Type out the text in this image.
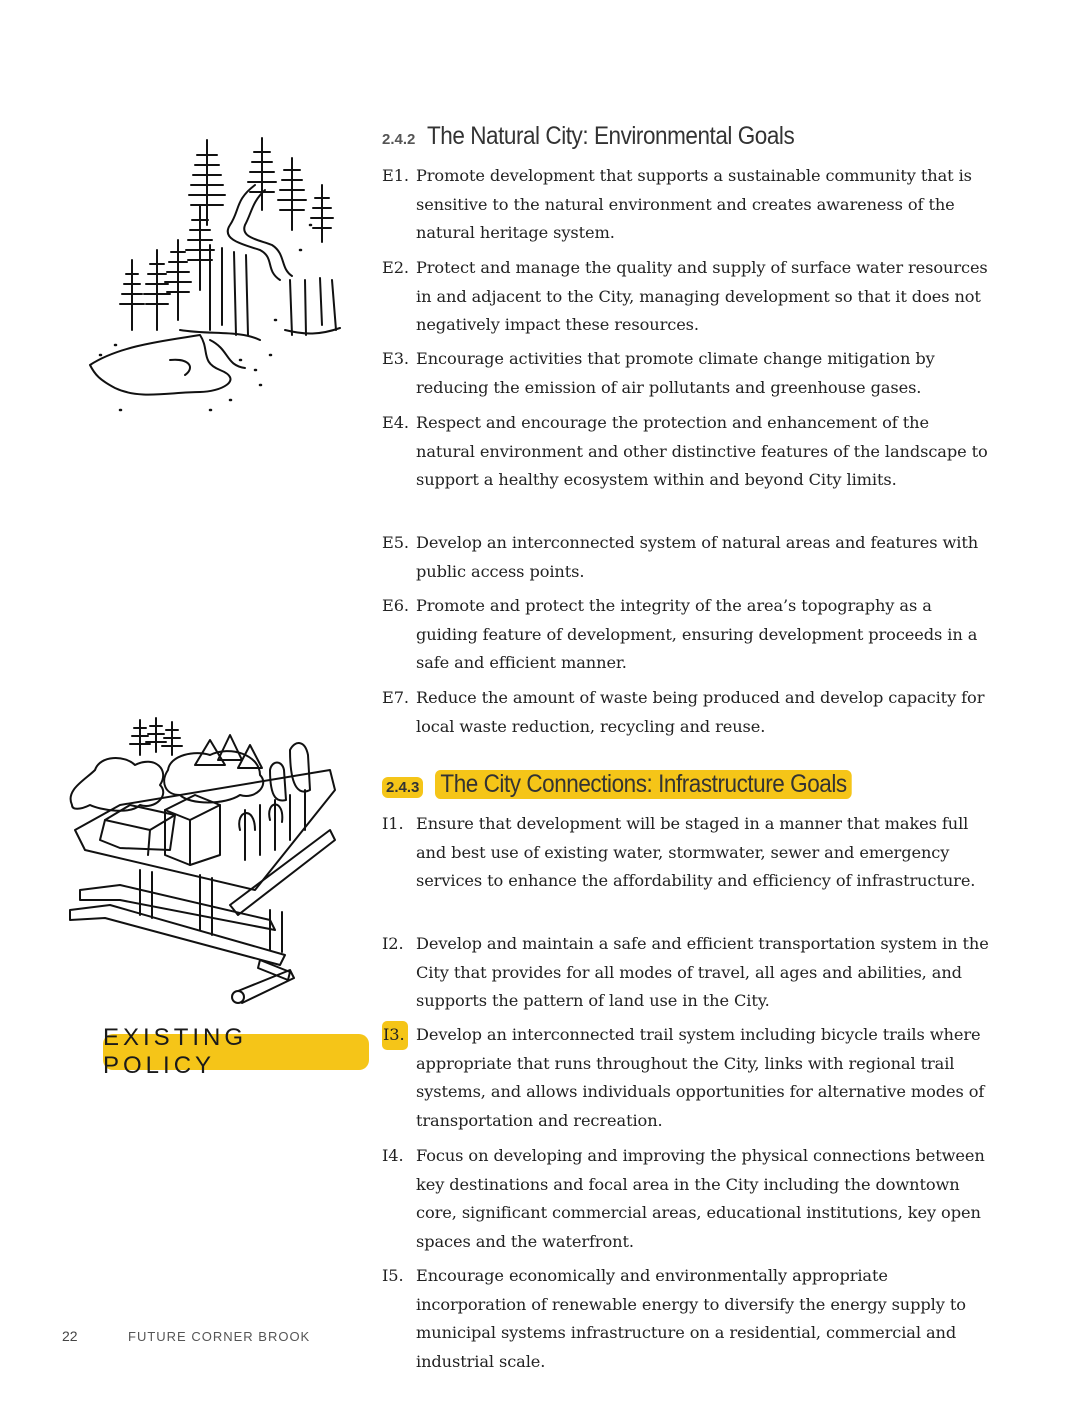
2.4.2 The Natural City: Environmental Goals

E1. Promote development that supports a sustainable community that is sensitive to the natural environment and creates awareness of the natural heritage system.

E2. Protect and manage the quality and supply of surface water resources in and adjacent to the City, managing development so that it does not negatively impact these resources.

E3. Encourage activities that promote climate change mitigation by reducing the emission of air pollutants and greenhouse gases.

E4. Respect and encourage the protection and enhancement of the natural environment and other distinctive features of the landscape to support a healthy ecosystem within and beyond City limits.

E5. Develop an interconnected system of natural areas and features with public access points.

E6. Promote and protect the integrity of the area’s topography as a guiding feature of development, ensuring development proceeds in a safe and efficient manner.

E7. Reduce the amount of waste being produced and develop capacity for local waste reduction, recycling and reuse.

2.4.3 The City Connections: Infrastructure Goals

I1. Ensure that development will be staged in a manner that makes full and best use of existing water, stormwater, sewer and emergency services to enhance the affordability and efficiency of infrastructure.

I2. Develop and maintain a safe and efficient transportation system in the City that provides for all modes of travel, all ages and abilities, and supports the pattern of land use in the City.

I3. Develop an interconnected trail system including bicycle trails where appropriate that runs throughout the City, links with regional trail systems, and allows individuals opportunities for alternative modes of transportation and recreation.

I4. Focus on developing and improving the physical connections between key destinations and focal area in the City including the downtown core, significant commercial areas, educational institutions, key open spaces and the waterfront.

I5. Encourage economically and environmentally appropriate incorporation of renewable energy to diversify the energy supply to municipal systems infrastructure on a residential, commercial and industrial scale.

EXISTING POLICY
22	FUTURE CORNER BROOK
